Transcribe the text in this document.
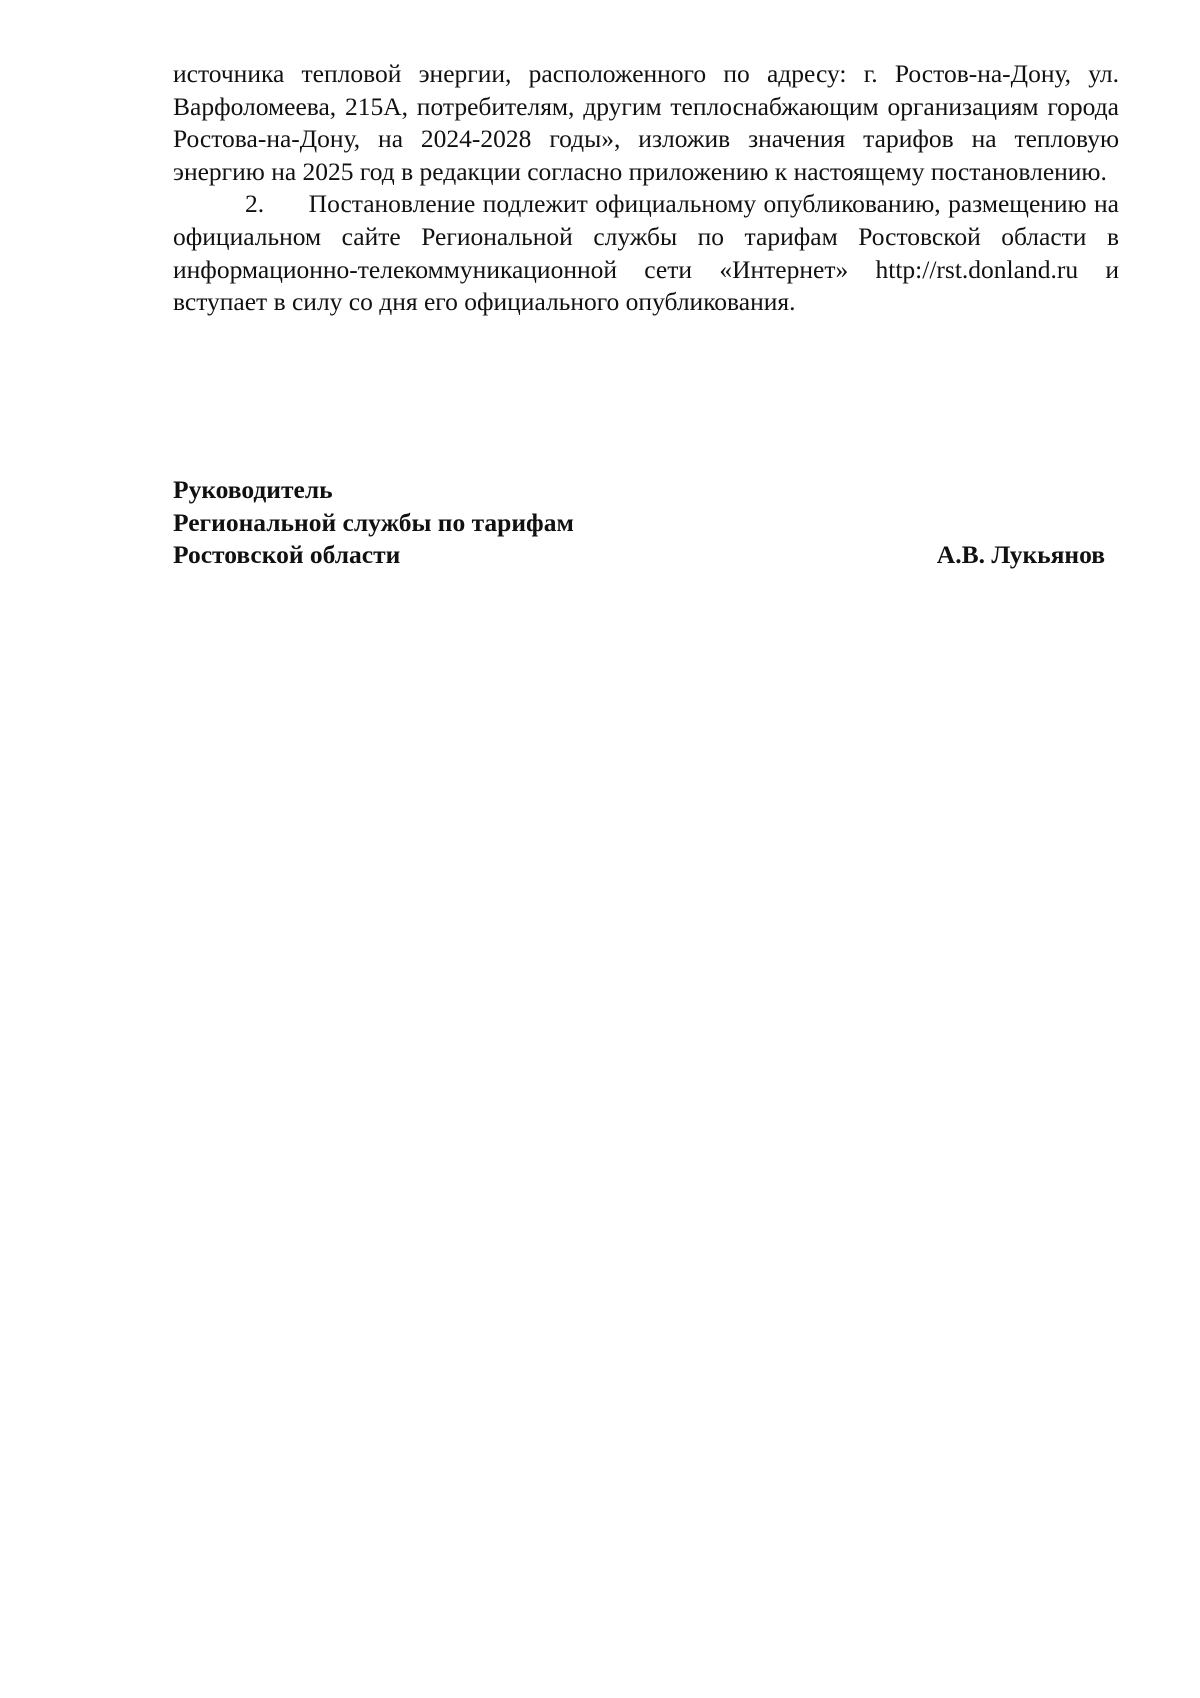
источника тепловой энергии, расположенного по адресу: г. Ростов-на-Дону, ул. Варфоломеева, 215А, потребителям, другим теплоснабжающим организациям города Ростова-на-Дону, на 2024-2028 годы», изложив значения тарифов на тепловую энергию на 2025 год в редакции согласно приложению к настоящему постановлению.

2.      Постановление подлежит официальному опубликованию, размещению на официальном сайте Региональной службы по тарифам Ростовской области в информационно-телекоммуникационной сети «Интернет» http://rst.donland.ru и вступает в силу со дня его официального опубликования.

Руководитель
Региональной службы по тарифам
Ростовской области	А.В. Лукьянов
